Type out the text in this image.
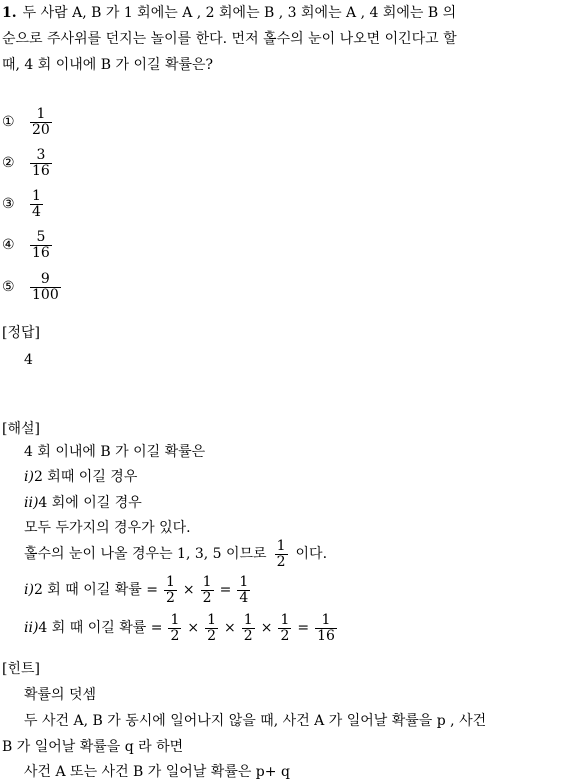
1. 두 사람 A, B 가 1 회에는 A , 2 회에는 B , 3 회에는 A , 4 회에는 B 의
순으로 주사위를 던지는 놀이를 한다. 먼저 홀수의 눈이 나오면 이긴다고 할
때, 4 회 이내에 B 가 이길 확률은?
①	$\frac{1}{20}$
②	$\frac{3}{16}$
③	$\frac{1}{4}$
④	$\frac{5}{16}$
⑤	$\frac{9}{100}$
[정답]
4
[해설]
4 회 이내에 B 가 이길 확률은
i) 2 회때 이길 경우
ii) 4 회에 이길 경우
모두 두가지의 경우가 있다.
홀수의 눈이 나올 경우는 1, 3, 5 이므로 $\frac{1}{2}$ 이다.
i) 2 회 때 이길 확률 = $\frac{1}{2} \times \frac{1}{2} = \frac{1}{4}$
ii) 4 회 때 이길 확률 = $\frac{1}{2} \times \frac{1}{2} \times \frac{1}{2} \times \frac{1}{2} = \frac{1}{16}$
[힌트]
확률의 덧셈
두 사건 A, B 가 동시에 일어나지 않을 때, 사건 A 가 일어날 확률을 p , 사건
B 가 일어날 확률을 q 라 하면
사건 A 또는 사건 B 가 일어날 확률은 p+ q
